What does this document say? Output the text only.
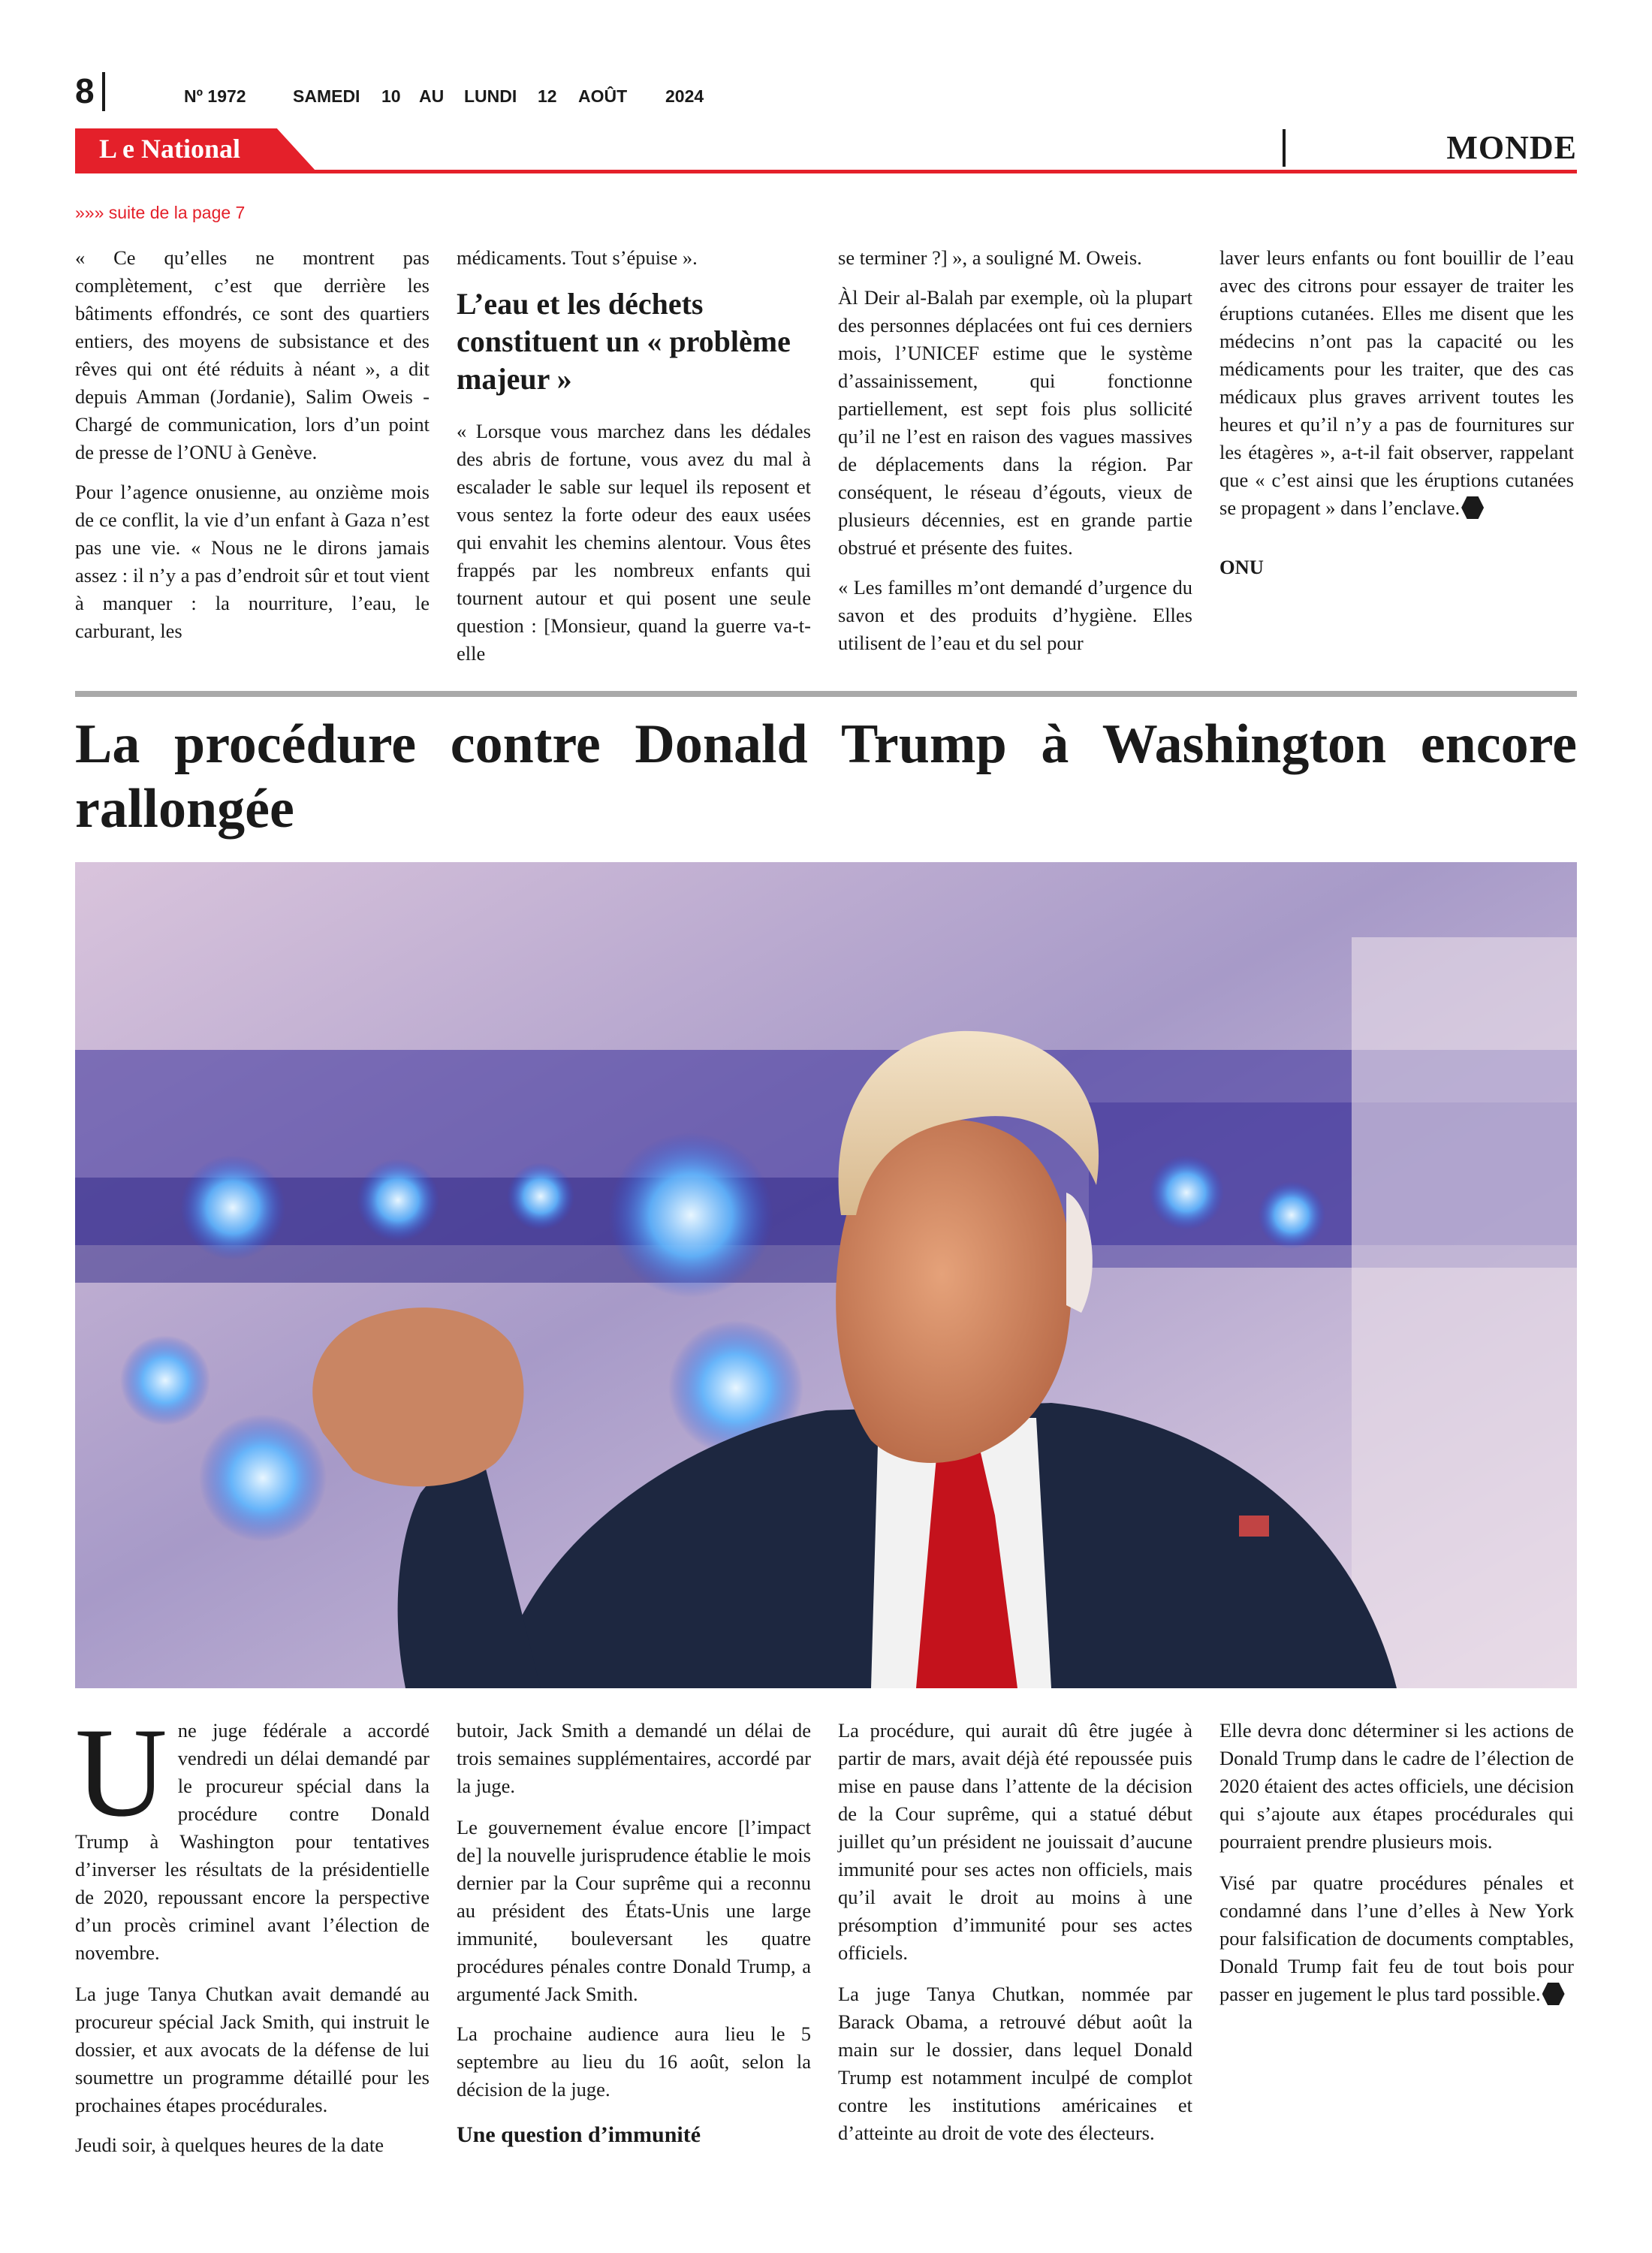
8	Nº 1972	SAMEDI 10 AU LUNDI 12 AOÛT 2024
L e National	MONDE
»»» suite de la page 7

« Ce qu’elles ne montrent pas complètement, c’est que derrière les bâtiments effondrés, ce sont des quartiers entiers, des moyens de subsistance et des rêves qui ont été réduits à néant », a dit depuis Amman (Jordanie), Salim Oweis - Chargé de communication, lors d’un point de presse de l’ONU à Genève.

Pour l’agence onusienne, au onzième mois de ce conflit, la vie d’un enfant à Gaza n’est pas une vie. « Nous ne le dirons jamais assez : il n’y a pas d’endroit sûr et tout vient à manquer : la nourriture, l’eau, le carburant, les

médicaments. Tout s’épuise ».

L’eau et les déchets constituent un « problème majeur »

« Lorsque vous marchez dans les dédales des abris de fortune, vous avez du mal à escalader le sable sur lequel ils reposent et vous sentez la forte odeur des eaux usées qui envahit les chemins alentour. Vous êtes frappés par les nombreux enfants qui tournent autour et qui posent une seule question : [Monsieur, quand la guerre va-t-elle

se terminer ?] », a souligné M. Oweis.

Àl Deir al-Balah par exemple, où la plupart des personnes déplacées ont fui ces derniers mois, l’UNICEF estime que le système d’assainissement, qui fonctionne partiellement, est sept fois plus sollicité qu’il ne l’est en raison des vagues massives de déplacements dans la région. Par conséquent, le réseau d’égouts, vieux de plusieurs décennies, est en grande partie obstrué et présente des fuites.

« Les familles m’ont demandé d’urgence du savon et des produits d’hygiène. Elles utilisent de l’eau et du sel pour

laver leurs enfants ou font bouillir de l’eau avec des citrons pour essayer de traiter les éruptions cutanées. Elles me disent que les médecins n’ont pas la capacité ou les médicaments pour les traiter, que des cas médicaux plus graves arrivent toutes les heures et qu’il n’y a pas de fournitures sur les étagères », a-t-il fait observer, rappelant que « c’est ainsi que les éruptions cutanées se propagent » dans l’enclave.

ONU

La procédure contre Donald Trump à Washington encore rallongée

Une juge fédérale a accordé vendredi un délai demandé par le procureur spécial dans la procédure contre Donald Trump à Washington pour tentatives d’inverser les résultats de la présidentielle de 2020, repoussant encore la perspective d’un procès criminel avant l’élection de novembre.

La juge Tanya Chutkan avait demandé au procureur spécial Jack Smith, qui instruit le dossier, et aux avocats de la défense de lui soumettre un programme détaillé pour les prochaines étapes procédurales.

Jeudi soir, à quelques heures de la date

butoir, Jack Smith a demandé un délai de trois semaines supplémentaires, accordé par la juge.

Le gouvernement évalue encore [l’impact de] la nouvelle jurisprudence établie le mois dernier par la Cour suprême qui a reconnu au président des États-Unis une large immunité, bouleversant les quatre procédures pénales contre Donald Trump, a argumenté Jack Smith.

La prochaine audience aura lieu le 5 septembre au lieu du 16 août, selon la décision de la juge.

Une question d’immunité

La procédure, qui aurait dû être jugée à partir de mars, avait déjà été repoussée puis mise en pause dans l’attente de la décision de la Cour suprême, qui a statué début juillet qu’un président ne jouissait d’aucune immunité pour ses actes non officiels, mais qu’il avait le droit au moins à une présomption d’immunité pour ses actes officiels.

La juge Tanya Chutkan, nommée par Barack Obama, a retrouvé début août la main sur le dossier, dans lequel Donald Trump est notamment inculpé de complot contre les institutions américaines et d’atteinte au droit de vote des électeurs.

Elle devra donc déterminer si les actions de Donald Trump dans le cadre de l’élection de 2020 étaient des actes officiels, une décision qui s’ajoute aux étapes procédurales qui pourraient prendre plusieurs mois.

Visé par quatre procédures pénales et condamné dans l’une d’elles à New York pour falsification de documents comptables, Donald Trump fait feu de tout bois pour passer en jugement le plus tard possible.
